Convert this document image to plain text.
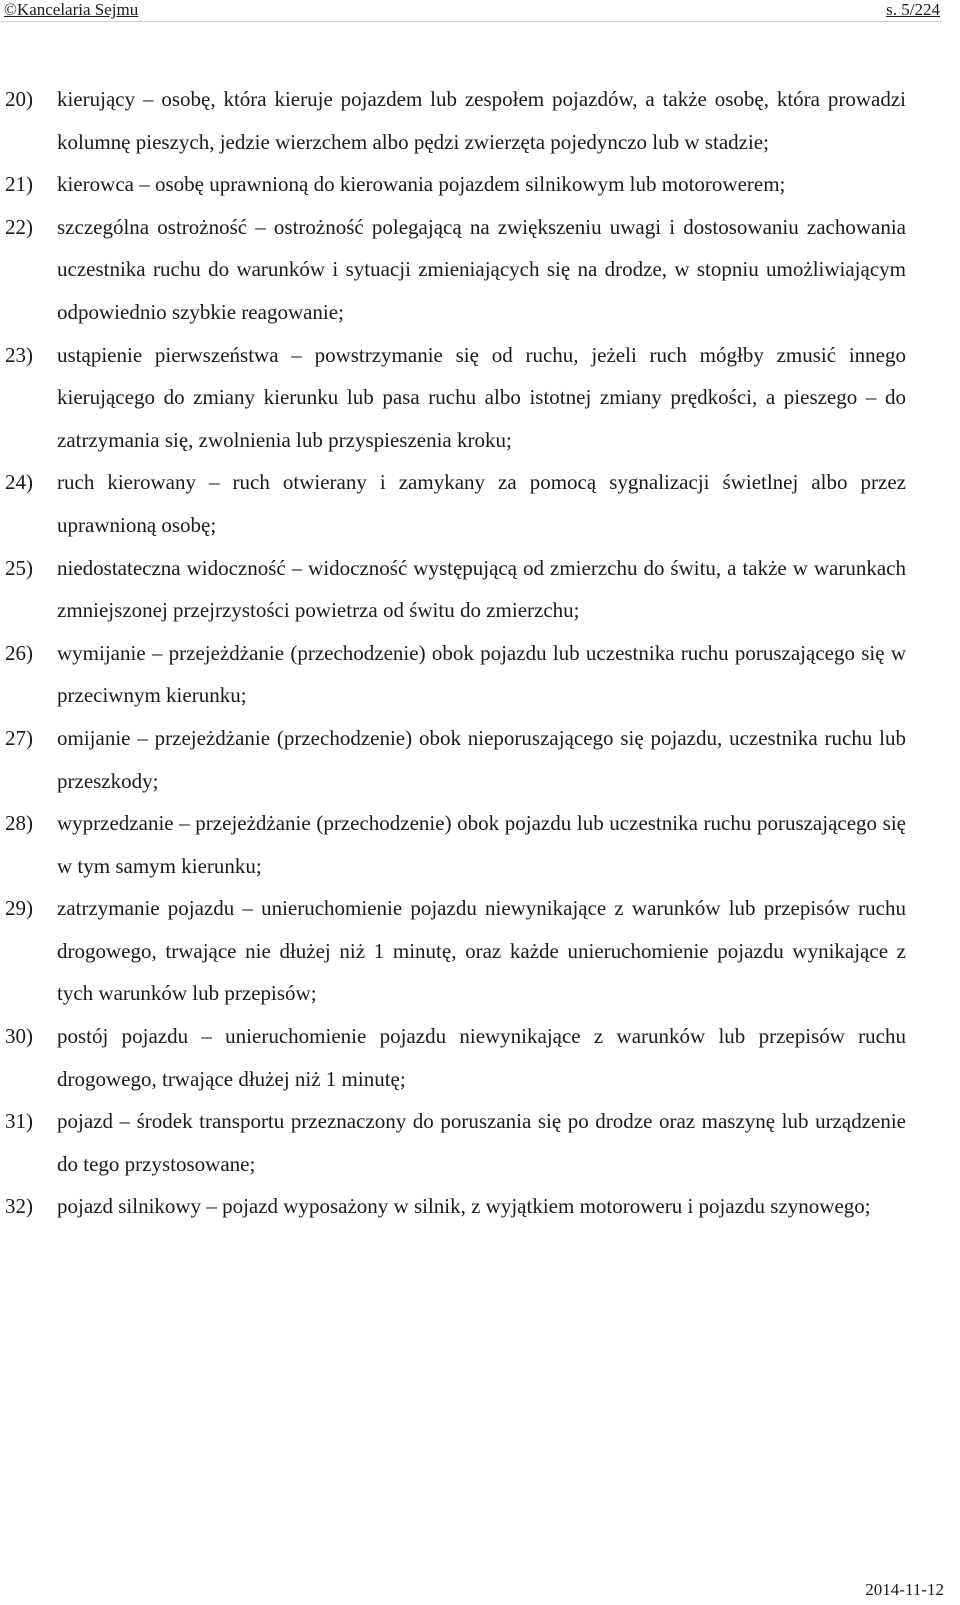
©Kancelaria Sejmu	s. 5/224
20) kierujący – osobę, która kieruje pojazdem lub zespołem pojazdów, a także osobę, która prowadzi kolumnę pieszych, jedzie wierzchem albo pędzi zwierzęta pojedynczo lub w stadzie;
21) kierowca – osobę uprawnioną do kierowania pojazdem silnikowym lub motorowerem;
22) szczególna ostrożność – ostrożność polegającą na zwiększeniu uwagi i dostosowaniu zachowania uczestnika ruchu do warunków i sytuacji zmieniających się na drodze, w stopniu umożliwiającym odpowiednio szybkie reagowanie;
23) ustąpienie pierwszeństwa – powstrzymanie się od ruchu, jeżeli ruch mógłby zmusić innego kierującego do zmiany kierunku lub pasa ruchu albo istotnej zmiany prędkości, a pieszego – do zatrzymania się, zwolnienia lub przyspieszenia kroku;
24) ruch kierowany – ruch otwierany i zamykany za pomocą sygnalizacji świetlnej albo przez uprawnioną osobę;
25) niedostateczna widoczność – widoczność występującą od zmierzchu do świtu, a także w warunkach zmniejszonej przejrzystości powietrza od świtu do zmierzchu;
26) wymijanie – przejeżdżanie (przechodzenie) obok pojazdu lub uczestnika ruchu poruszającego się w przeciwnym kierunku;
27) omijanie – przejeżdżanie (przechodzenie) obok nieporuszającego się pojazdu, uczestnika ruchu lub przeszkody;
28) wyprzedzanie – przejeżdżanie (przechodzenie) obok pojazdu lub uczestnika ruchu poruszającego się w tym samym kierunku;
29) zatrzymanie pojazdu – unieruchomienie pojazdu niewynikające z warunków lub przepisów ruchu drogowego, trwające nie dłużej niż 1 minutę, oraz każde unieruchomienie pojazdu wynikające z tych warunków lub przepisów;
30) postój pojazdu – unieruchomienie pojazdu niewynikające z warunków lub przepisów ruchu drogowego, trwające dłużej niż 1 minutę;
31) pojazd – środek transportu przeznaczony do poruszania się po drodze oraz maszynę lub urządzenie do tego przystosowane;
32) pojazd silnikowy – pojazd wyposażony w silnik, z wyjątkiem motoroweru i pojazdu szynowego;
2014-11-12
